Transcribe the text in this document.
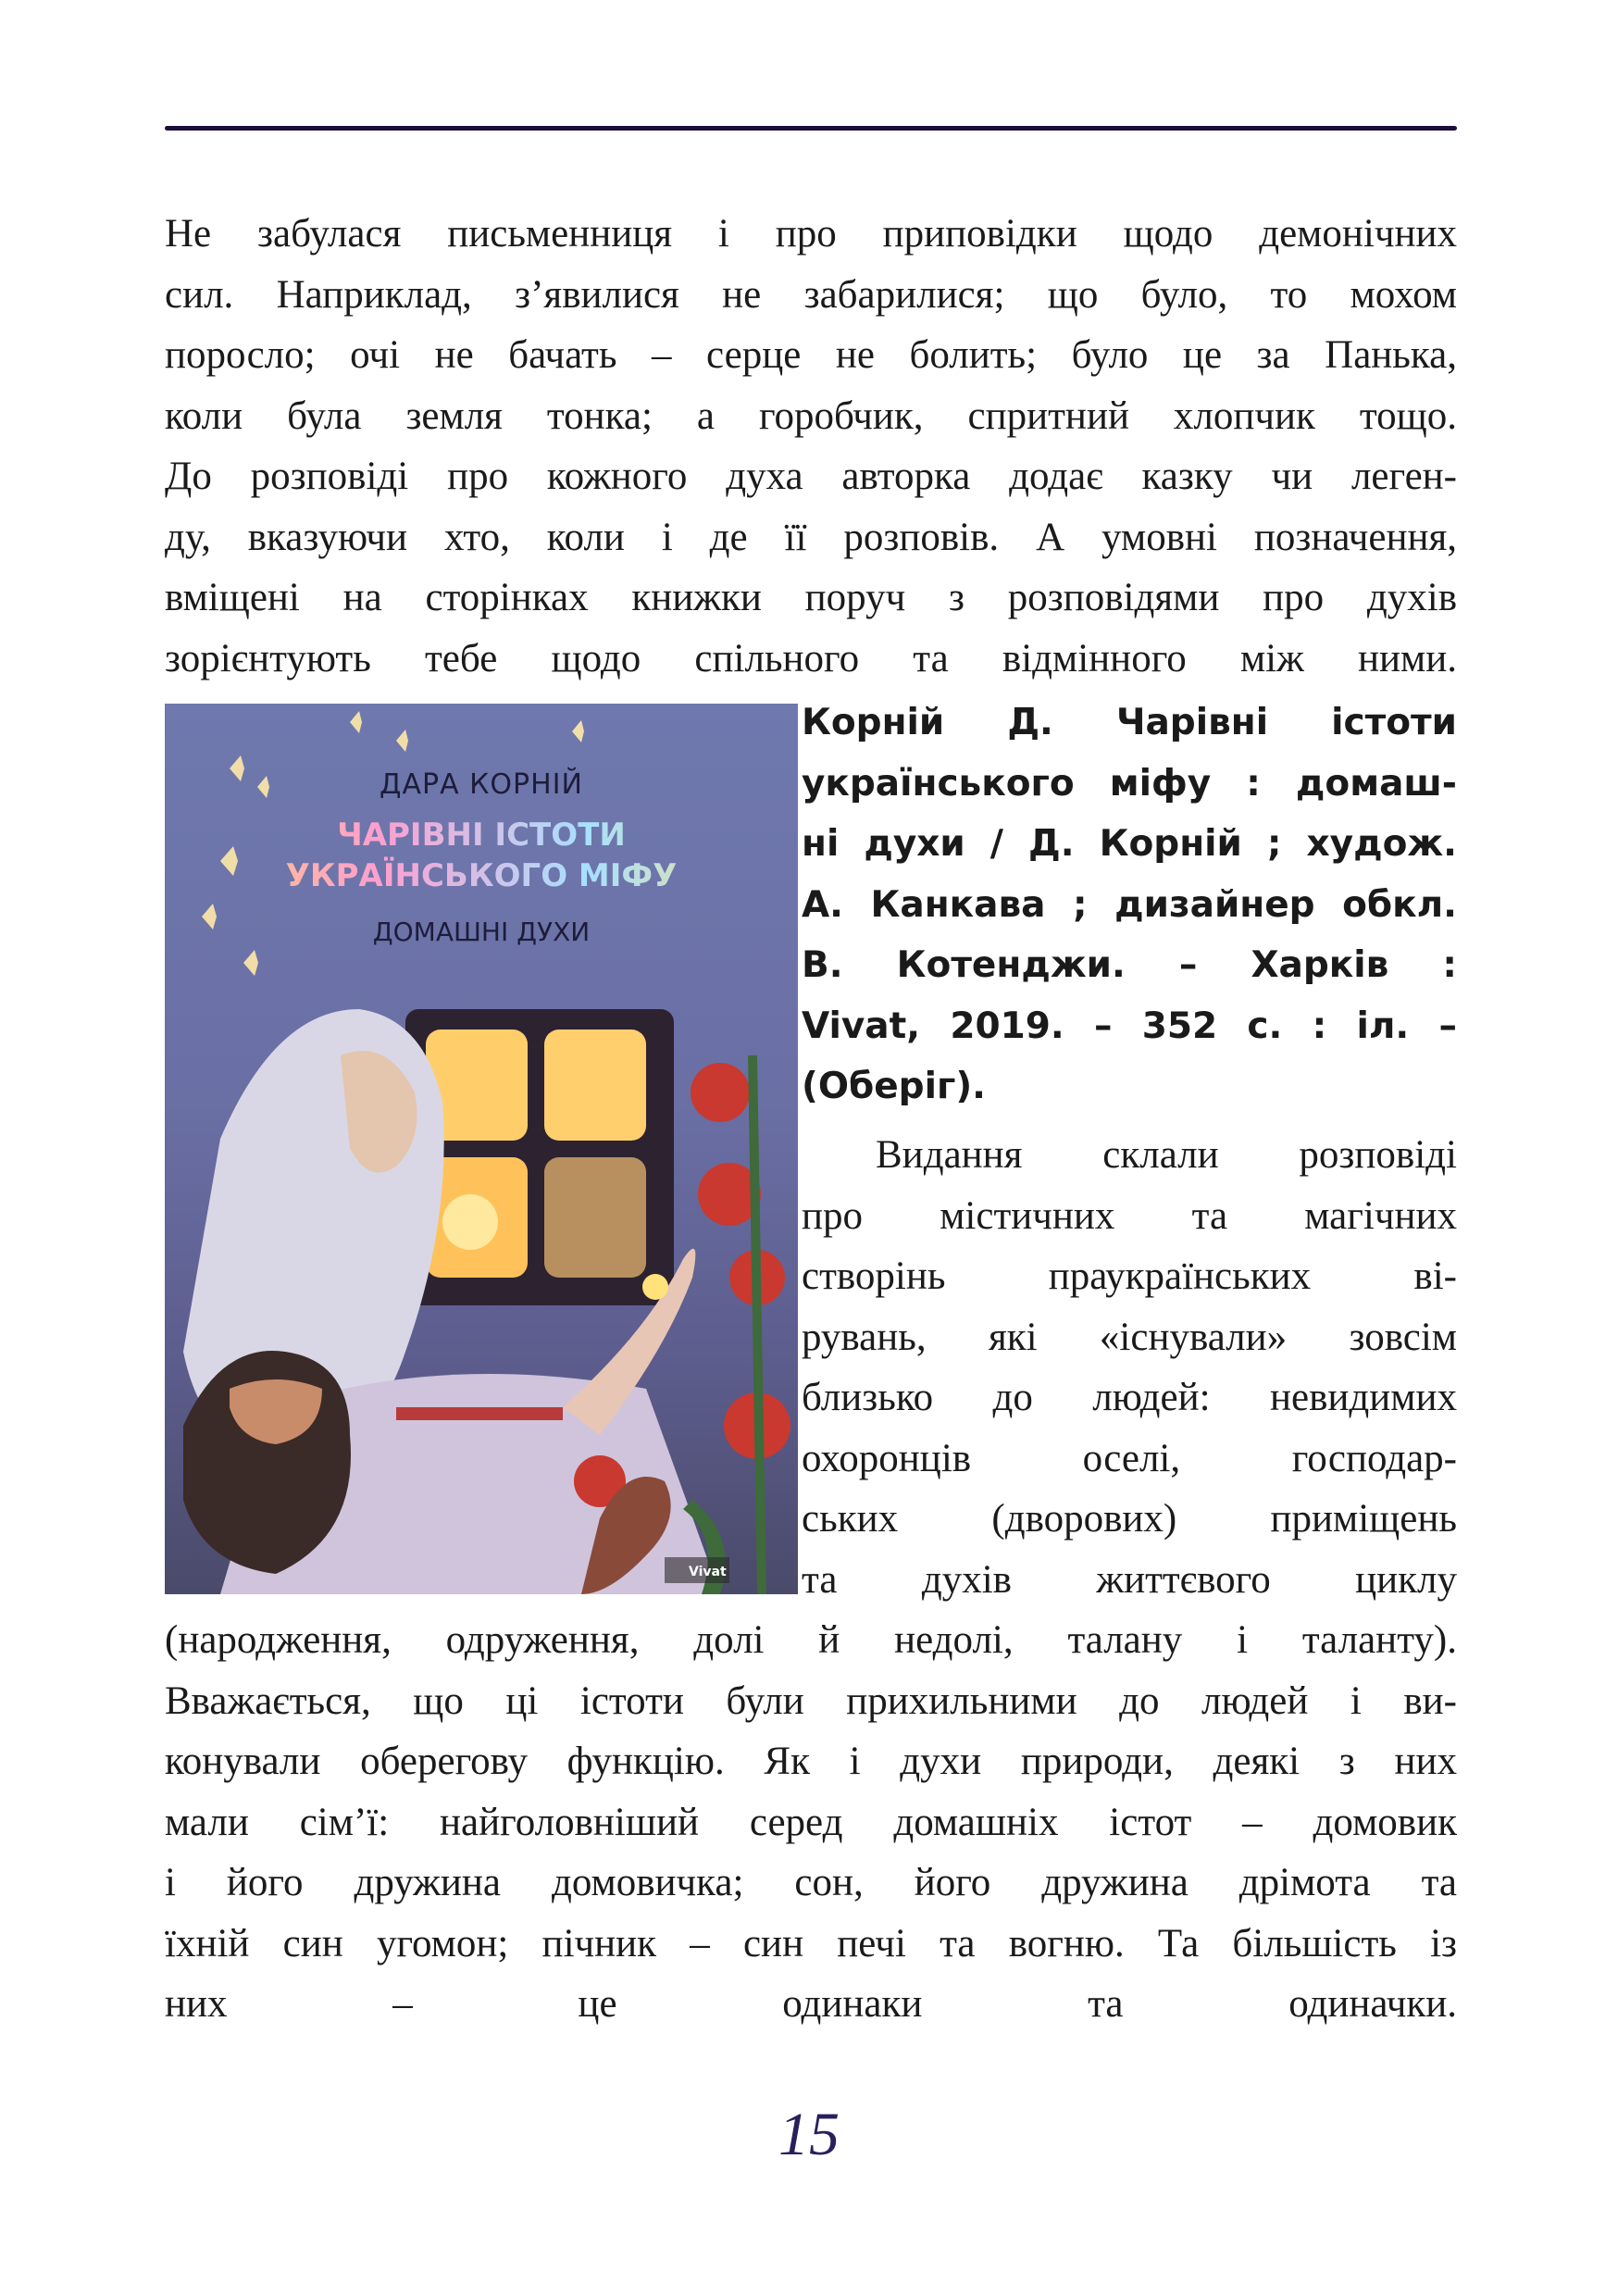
Не забулася письменниця і про приповідки щодо демонічних
сил. Наприклад, з’явилися не забарилися; що було, то мохом
поросло; очі не бачать – серце не болить; було це за Панька,
коли була земля тонка; а горобчик, спритний хлопчик тощо.
До розповіді про кожного духа авторка додає казку чи леген-
ду, вказуючи хто, коли і де її розповів. А умовні позначення,
вміщені на сторінках книжки поруч з розповідями про духів
зорієнтують тебе щодо спільного та відмінного між ними.

ДАРА КОРНІЙ
ЧАРІВНІ ІСТОТИ
УКРАЇНСЬКОГО МІФУ
ДОМАШНІ ДУХИ
Vivat

Корній Д. Чарівні істоти
українського міфу : домаш-
ні духи / Д. Корній ; худож.
А. Канкава ; дизайнер обкл.
В. Котенджи. – Харків :
Vivat, 2019. – 352 с. : іл. –
(Оберіг).

Видання склали розповіді
про містичних та магічних
створінь праукраїнських ві-
рувань, які «існували» зовсім
близько до людей: невидимих
охоронців оселі, господар-
ських (дворових) приміщень
та духів життєвого циклу

(народження, одруження, долі й недолі, талану і таланту).
Вважається, що ці істоти були прихильними до людей і ви-
конували оберегову функцію. Як і духи природи, деякі з них
мали сім’ї: найголовніший серед домашніх істот – домовик
і його дружина домовичка; сон, його дружина дрімота та
їхній син угомон; пічник – син печі та вогню. Та більшість із
них – це одинаки та одиначки.

15
